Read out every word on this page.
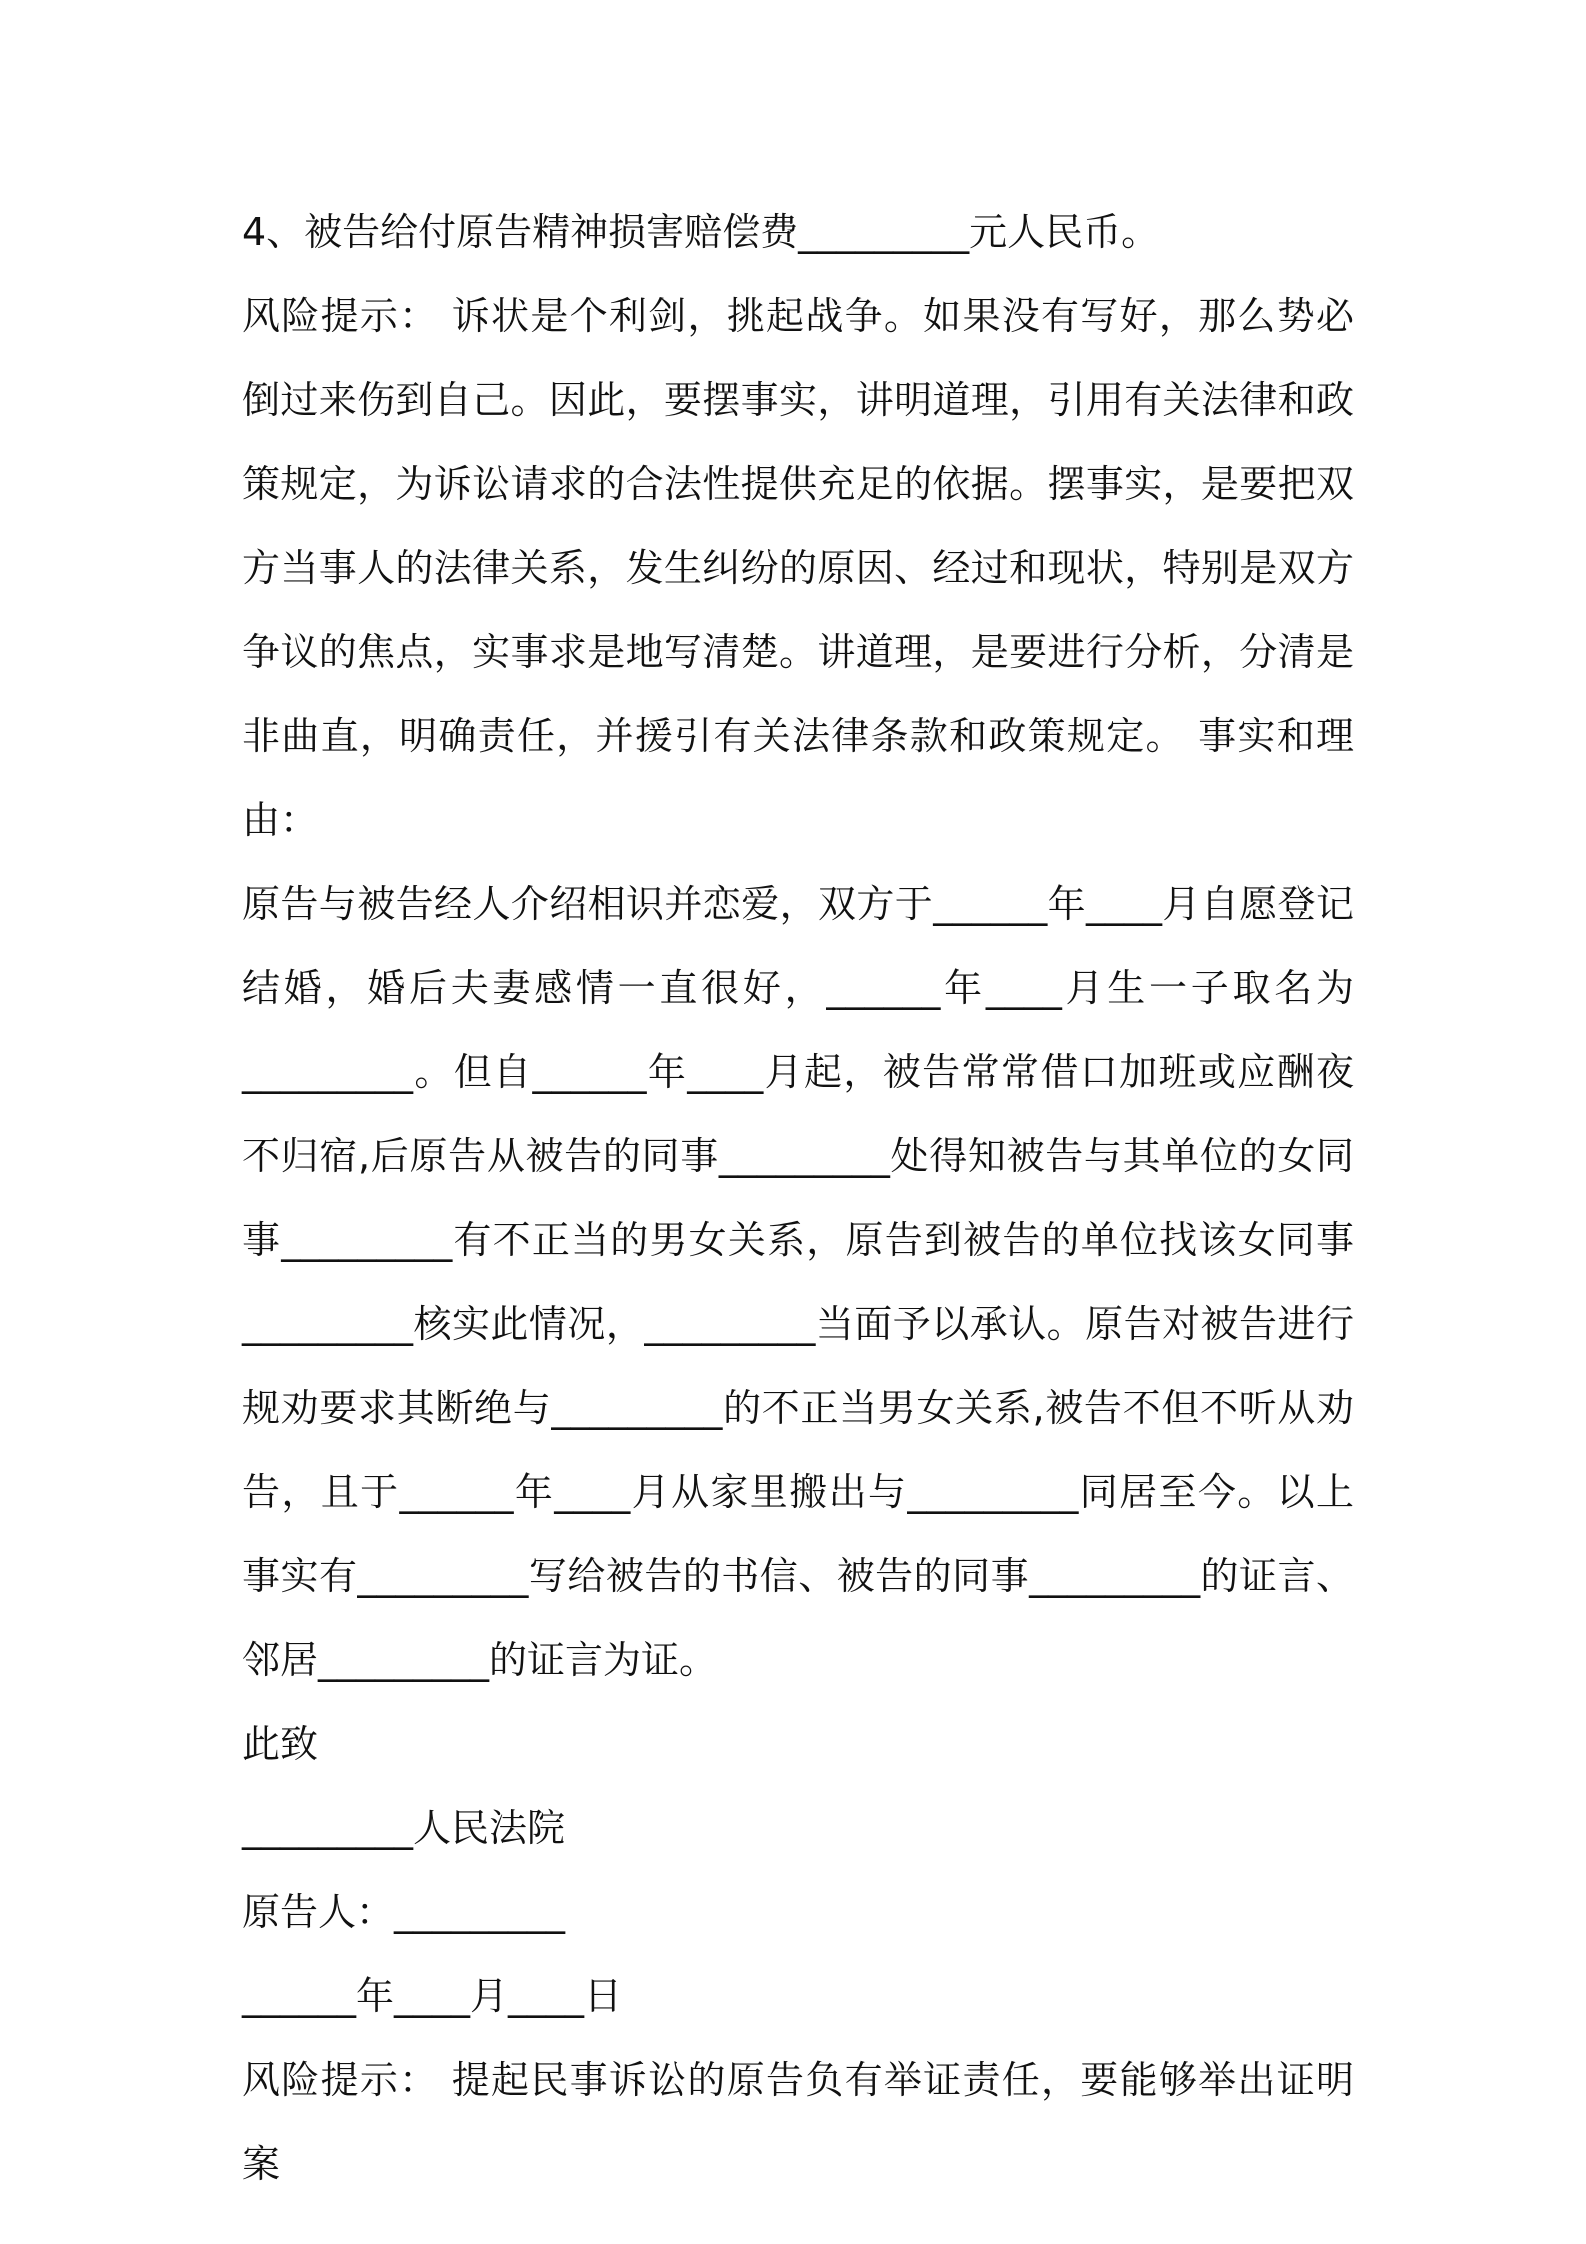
4、被告给付原告精神损害赔偿费_________元人民币。

风险提示： 诉状是个利剑，挑起战争。如果没有写好，那么势必倒过来伤到自己。因此，要摆事实，讲明道理，引用有关法律和政策规定，为诉讼请求的合法性提供充足的依据。摆事实，是要把双方当事人的法律关系，发生纠纷的原因、经过和现状，特别是双方争议的焦点，实事求是地写清楚。讲道理，是要进行分析，分清是非曲直，明确责任，并援引有关法律条款和政策规定。 事实和理由：

原告与被告经人介绍相识并恋爱，双方于______年____月自愿登记
结婚，婚后夫妻感情一直很好，______年____月生一子取名为
_________。但自______年____月起，被告常常借口加班或应酬夜
不归宿,后原告从被告的同事_________处得知被告与其单位的女同
事_________有不正当的男女关系，原告到被告的单位找该女同事
_________核实此情况，_________当面予以承认。原告对被告进行
规劝要求其断绝与_________的不正当男女关系,被告不但不听从劝
告，且于______年____月从家里搬出与_________同居至今。以上
事实有_________写给被告的书信、被告的同事_________的证言、
邻居_________的证言为证。

此致

_________人民法院

原告人：_________

______年____月____日

风险提示： 提起民事诉讼的原告负有举证责任，要能够举出证明案
